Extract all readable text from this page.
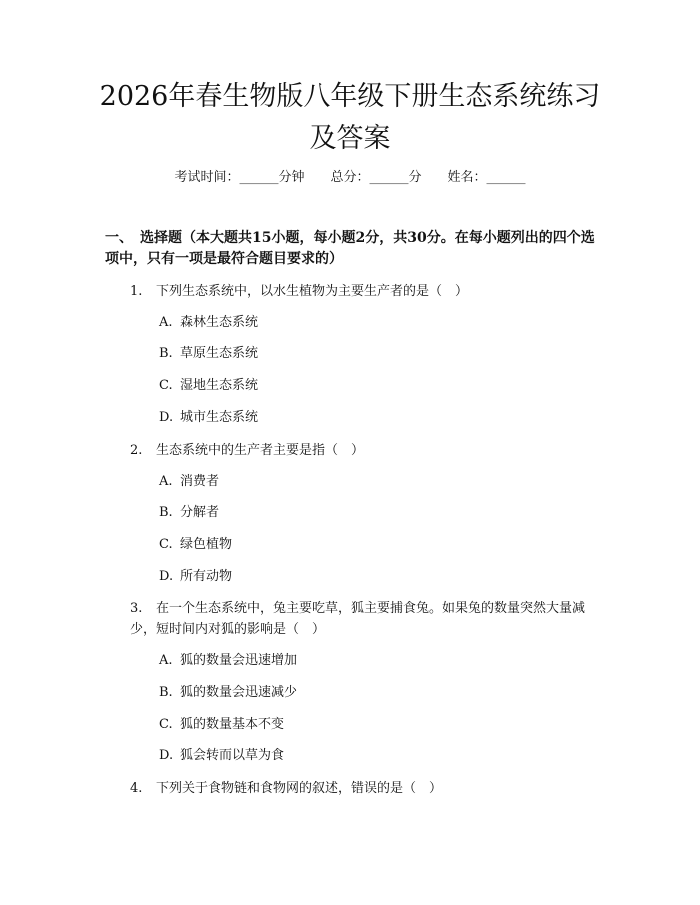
2026年春生物版八年级下册生态系统练习及答案
考试时间：______分钟 总分：______分 姓名：______
一、　选择题（本大题共15小题，每小题2分，共30分。在每小题列出的四个选项中，只有一项是最符合题目要求的）
1. 下列生态系统中，以水生植物为主要生产者的是（　）
A. 森林生态系统
B. 草原生态系统
C. 湿地生态系统
D. 城市生态系统
2. 生态系统中的生产者主要是指（　）
A. 消费者
B. 分解者
C. 绿色植物
D. 所有动物
3. 在一个生态系统中，兔主要吃草，狐主要捕食兔。如果兔的数量突然大量减少，短时间内对狐的影响是（　）
A. 狐的数量会迅速增加
B. 狐的数量会迅速减少
C. 狐的数量基本不变
D. 狐会转而以草为食
4. 下列关于食物链和食物网的叙述，错误的是（　）
